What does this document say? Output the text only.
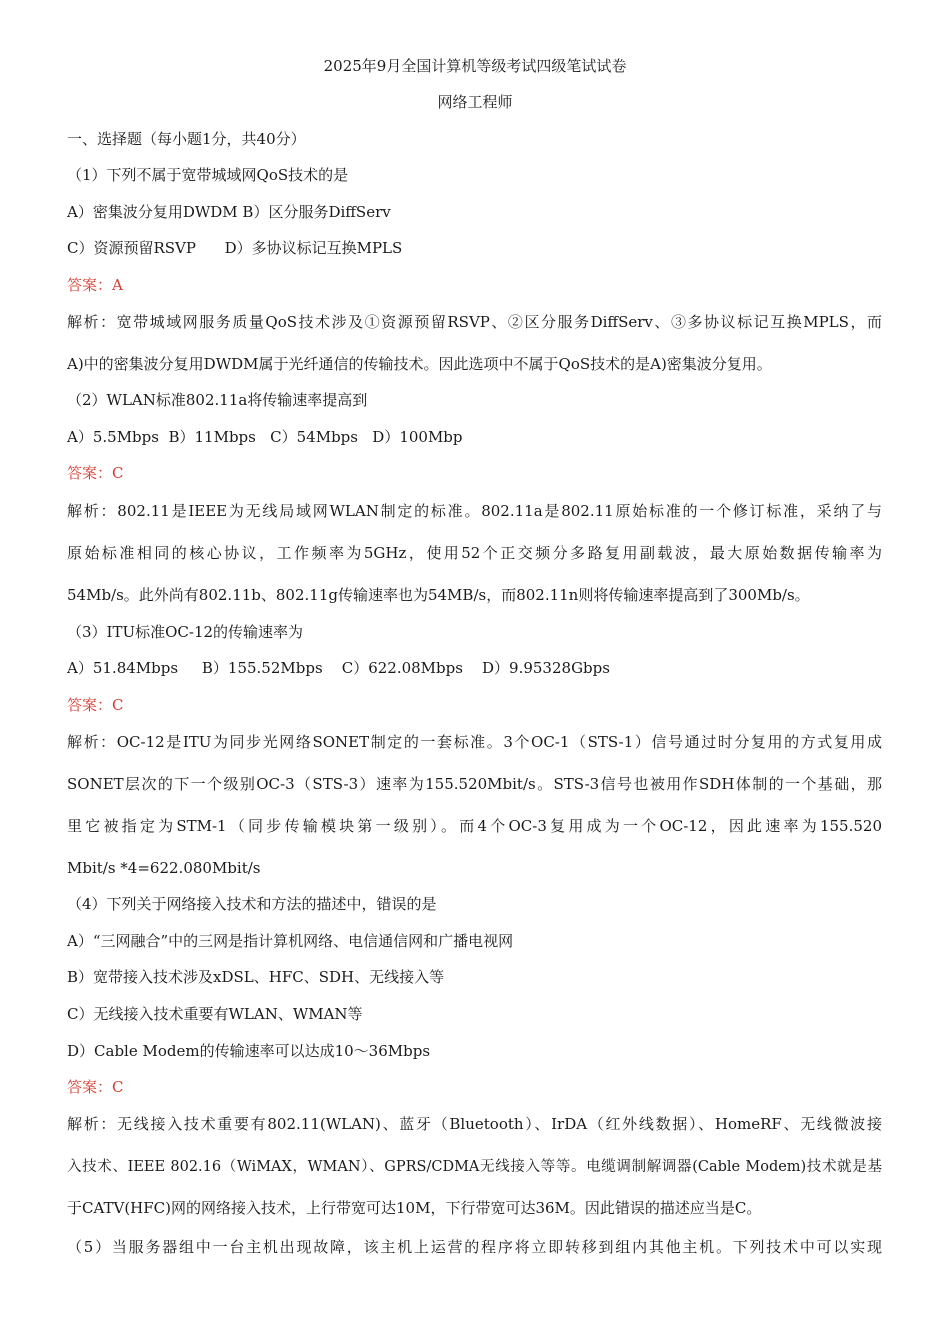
2025年9月全国计算机等级考试四级笔试试卷
网络工程师
一、选择题（每小题1分，共40分）
（1）下列不属于宽带城域网QoS技术的是
A）密集波分复用DWDM B）区分服务DiffServ
C）资源预留RSVP      D）多协议标记互换MPLS
答案：A
解析：宽带城域网服务质量QoS技术涉及①资源预留RSVP、②区分服务DiffServ、③多协议标记互换MPLS，而
A)中的密集波分复用DWDM属于光纤通信的传输技术。因此选项中不属于QoS技术的是A)密集波分复用。
（2）WLAN标准802.11a将传输速率提高到
A）5.5Mbps  B）11Mbps   C）54Mbps   D）100Mbp
答案：C
解析：802.11是IEEE为无线局域网WLAN制定的标准。802.11a是802.11原始标准的一个修订标准，采纳了与
原始标准相同的核心协议，工作频率为5GHz，使用52个正交频分多路复用副载波，最大原始数据传输率为
54Mb/s。此外尚有802.11b、802.11g传输速率也为54MB/s，而802.11n则将传输速率提高到了300Mb/s。
（3）ITU标准OC-12的传输速率为
A）51.84Mbps     B）155.52Mbps    C）622.08Mbps    D）9.95328Gbps
答案：C
解析：OC-12是ITU为同步光网络SONET制定的一套标准。3个OC-1（STS-1）信号通过时分复用的方式复用成
SONET层次的下一个级别OC-3（STS-3）速率为155.520Mbit/s。STS-3信号也被用作SDH体制的一个基础，那
里它被指定为STM-1（同步传输模块第一级别）。而4个OC-3复用成为一个OC-12，因此速率为155.520
Mbit/s *4=622.080Mbit/s
（4）下列关于网络接入技术和方法的描述中，错误的是
A）“三网融合”中的三网是指计算机网络、电信通信网和广播电视网
B）宽带接入技术涉及xDSL、HFC、SDH、无线接入等
C）无线接入技术重要有WLAN、WMAN等
D）Cable Modem的传输速率可以达成10～36Mbps
答案：C
解析：无线接入技术重要有802.11(WLAN)、蓝牙（Bluetooth）、IrDA（红外线数据）、HomeRF、无线微波接
入技术、IEEE 802.16（WiMAX，WMAN）、GPRS/CDMA无线接入等等。电缆调制解调器(Cable Modem)技术就是基
于CATV(HFC)网的网络接入技术，上行带宽可达10M，下行带宽可达36M。因此错误的描述应当是C。
（5）当服务器组中一台主机出现故障，该主机上运营的程序将立即转移到组内其他主机。下列技术中可以实现
